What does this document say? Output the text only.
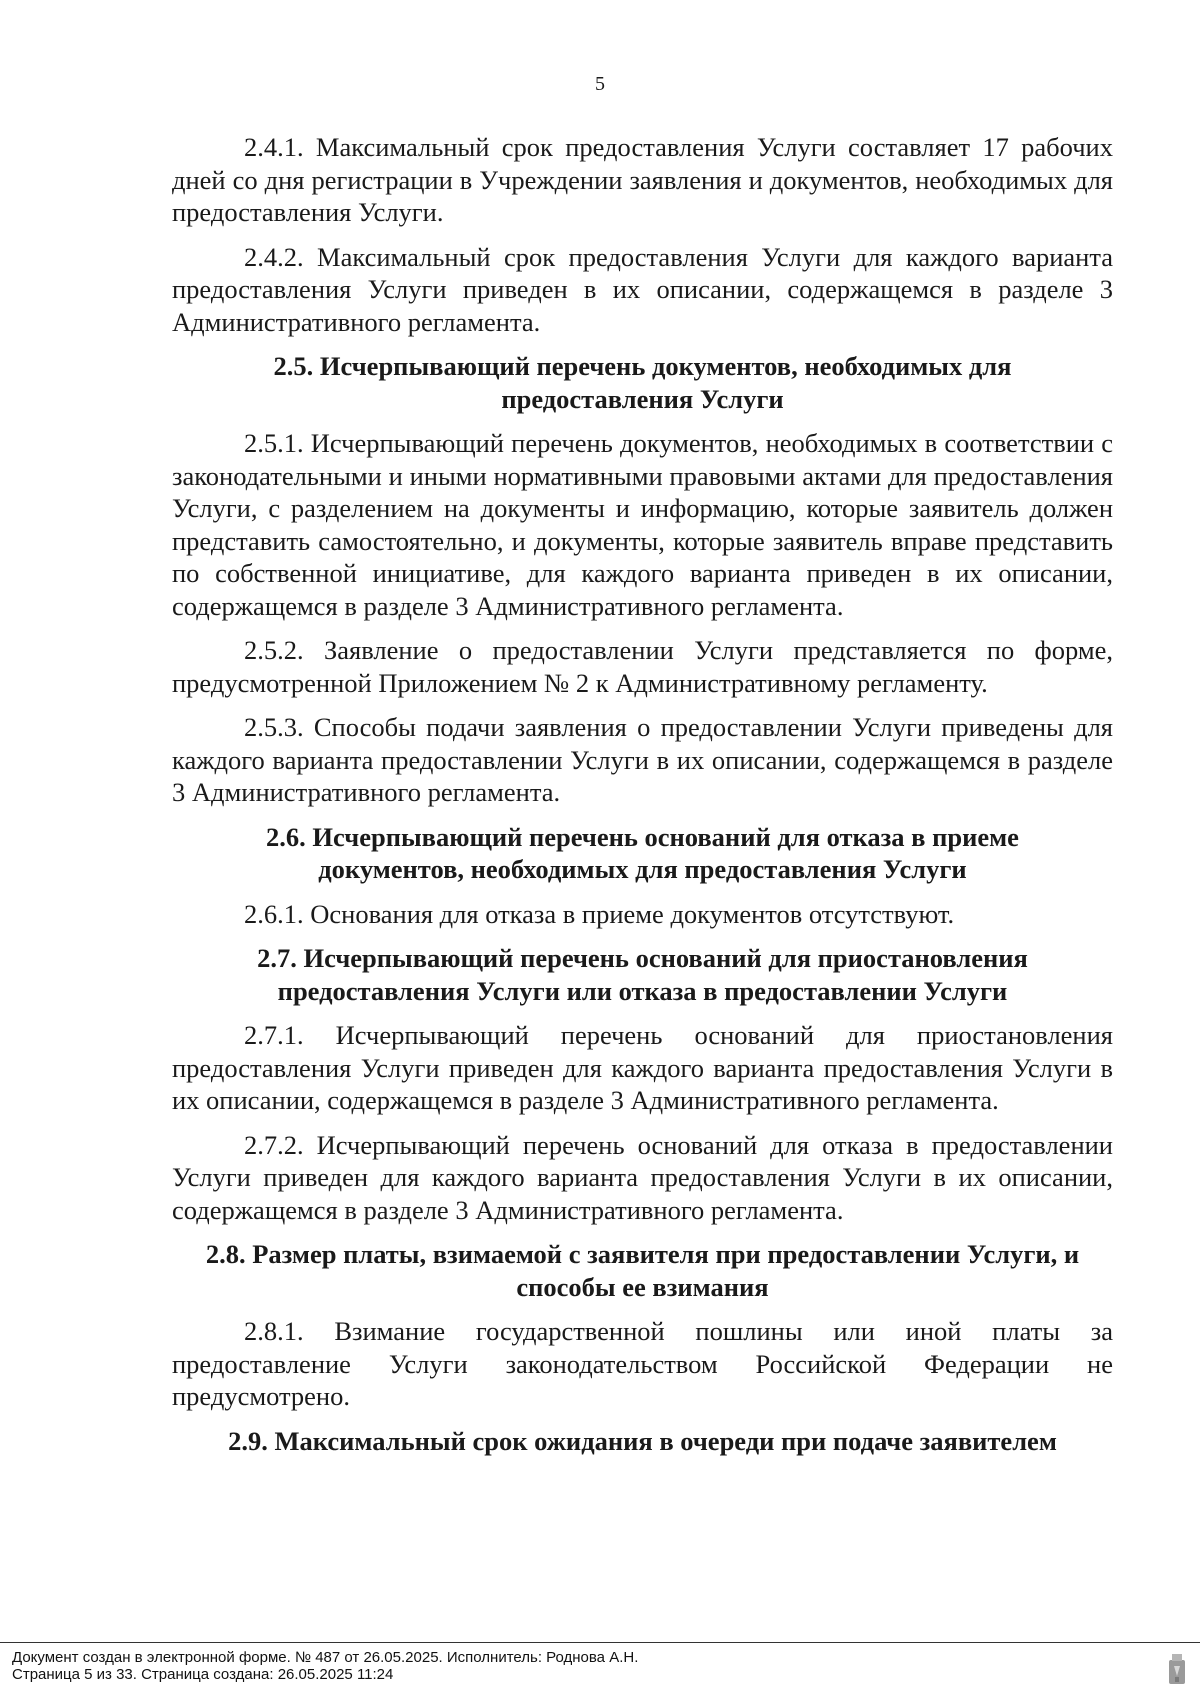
5

2.4.1. Максимальный срок предоставления Услуги составляет 17 рабочих дней со дня регистрации в Учреждении заявления и документов, необходимых для предоставления Услуги.

2.4.2. Максимальный срок предоставления Услуги для каждого варианта предоставления Услуги приведен в их описании, содержащемся в разделе 3 Административного регламента.

2.5. Исчерпывающий перечень документов, необходимых для предоставления Услуги

2.5.1. Исчерпывающий перечень документов, необходимых в соответствии с законодательными и иными нормативными правовыми актами для предоставления Услуги, с разделением на документы и информацию, которые заявитель должен представить самостоятельно, и документы, которые заявитель вправе представить по собственной инициативе, для каждого варианта приведен в их описании, содержащемся в разделе 3 Административного регламента.

2.5.2. Заявление о предоставлении Услуги представляется по форме, предусмотренной Приложением № 2 к Административному регламенту.

2.5.3. Способы подачи заявления о предоставлении Услуги приведены для каждого варианта предоставлении Услуги в их описании, содержащемся в разделе 3 Административного регламента.

2.6. Исчерпывающий перечень оснований для отказа в приеме документов, необходимых для предоставления Услуги

2.6.1. Основания для отказа в приеме документов отсутствуют.

2.7. Исчерпывающий перечень оснований для приостановления предоставления Услуги или отказа в предоставлении Услуги

2.7.1. Исчерпывающий перечень оснований для приостановления предоставления Услуги приведен для каждого варианта предоставления Услуги в их описании, содержащемся в разделе 3 Административного регламента.

2.7.2. Исчерпывающий перечень оснований для отказа в предоставлении Услуги приведен для каждого варианта предоставления Услуги в их описании, содержащемся в разделе 3 Административного регламента.

2.8. Размер платы, взимаемой с заявителя при предоставлении Услуги, и способы ее взимания

2.8.1. Взимание государственной пошлины или иной платы за предоставление Услуги законодательством Российской Федерации не предусмотрено.

2.9. Максимальный срок ожидания в очереди при подаче заявителем

Документ создан в электронной форме. № 487 от 26.05.2025. Исполнитель: Роднова А.Н.
Страница 5 из 33. Страница создана: 26.05.2025 11:24
